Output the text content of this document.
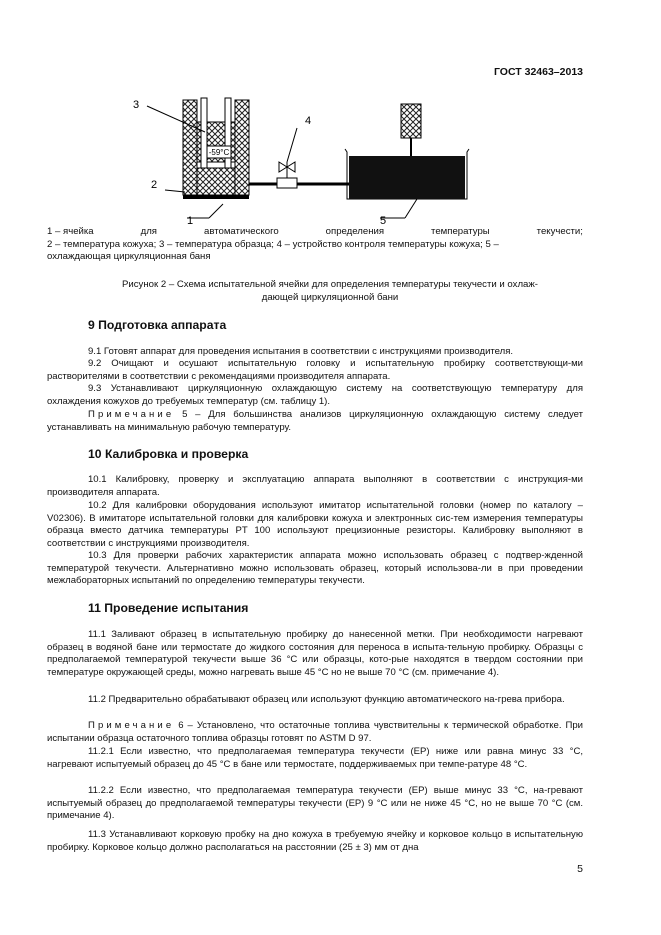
ГОСТ 32463–2013
-59°C
3
2
1
4
5
1 – ячейка	для	автоматического	определения	температуры	текучести;
2 – температура кожуха; 3 – температура образца; 4 – устройство контроля температуры кожуха; 5 –
охлаждающая циркуляционная баня
Рисунок 2 – Схема испытательной ячейки для определения температуры текучести и охлаж-
дающей циркуляционной бани
9 Подготовка аппарата
9.1 Готовят аппарат для проведения испытания в соответствии с инструкциями производителя.
9.2 Очищают и осушают испытательную головку и испытательную пробирку соответствующи-ми растворителями в соответствии с рекомендациями производителя аппарата.
9.3 Устанавливают циркуляционную охлаждающую систему на соответствующую температуру для охлаждения кожухов до требуемых температур (см. таблицу 1).
Примечание 5 – Для большинства анализов циркуляционную охлаждающую систему следует устанавливать на минимальную рабочую температуру.
10 Калибровка и проверка
10.1 Калибровку, проверку и эксплуатацию аппарата выполняют в соответствии с инструкция-ми производителя аппарата.
10.2 Для калибровки оборудования используют имитатор испытательной головки (номер по каталогу – V02306). В имитаторе испытательной головки для калибровки кожуха и электронных сис-тем измерения температуры образца вместо датчика температуры PT 100 используют прецизионные резисторы. Калибровку выполняют в соответствии с инструкциями производителя.
10.3 Для проверки рабочих характеристик аппарата можно использовать образец с подтвер-жденной температурой текучести. Альтернативно можно использовать образец, который использова-ли в при проведении межлабораторных испытаний по определению температуры текучести.
11 Проведение испытания
11.1 Заливают образец в испытательную пробирку до нанесенной метки. При необходимости нагревают образец в водяной бане или термостате до жидкого состояния для переноса в испыта-тельную пробирку. Образцы с предполагаемой температурой текучести выше 36 °C или образцы, кото-рые находятся в твердом состоянии при температуре окружающей среды, можно нагревать выше 45 °C но не выше 70 °C (см. примечание 4).
11.2 Предварительно обрабатывают образец или используют функцию автоматического на-грева прибора.
Примечание 6 – Установлено, что остаточные топлива чувствительны к термической обработке. При испытании образца остаточного топлива образцы готовят по ASTM D 97.
11.2.1 Если известно, что предполагаемая температура текучести (ЕР) ниже или равна минус 33 °C, нагревают испытуемый образец до 45 °C в бане или термостате, поддерживаемых при темпе-ратуре 48 °C.
11.2.2 Если известно, что предполагаемая температура текучести (ЕР) выше минус 33 °C, на-гревают испытуемый образец до предполагаемой температуры текучести (ЕР) 9 °C или не ниже 45 °C, но не выше 70 °C (см. примечание 4).
11.3 Устанавливают корковую пробку на дно кожуха в требуемую ячейку и корковое кольцо в испытательную пробирку. Корковое кольцо должно располагаться на расстоянии (25 ± 3) мм от дна
5
